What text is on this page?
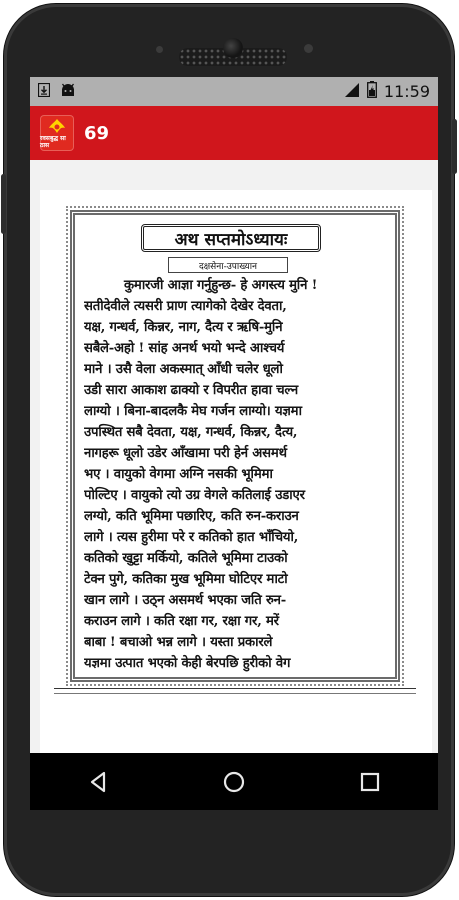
11:59
रवसबुद्ध सा ठास
69
अथ सप्तमोऽध्यायः
दक्षसेना-उपाख्यान
कुमारजी आज्ञा गर्नुहुन्छ- हे अगस्त्य मुनि !
सतीदेवीले त्यसरी प्राण त्यागेको देखेर देवता,
यक्ष, गन्धर्व, किन्नर, नाग, दैत्य र ऋषि-मुनि
सबैले-अहो ! सांह अनर्थ भयो भन्दे आश्चर्य
माने । उसै वेला अकस्मात् आँधी चलेर धूलो
उडी सारा आकाश ढाक्यो र विपरीत हावा चल्न
लाग्यो । बिना-बादलकै मेघ गर्जन लाग्यो। यज्ञमा
उपस्थित सबै देवता, यक्ष, गन्धर्व, किन्नर, दैत्य,
नागहरू धूलो उडेर आँखामा परी हेर्न असमर्थ
भए । वायुको वेगमा अग्नि नसकी भूमिमा
पोल्टिए । वायुको त्यो उग्र वेगले कतिलाई उडाएर
लग्यो, कति भूमिमा पछारिए, कति रुन-कराउन
लागे । त्यस हुरीमा परे र कतिको हात भाँचियो,
कतिको खुट्टा मर्कियो, कतिले भूमिमा टाउको
टेक्न पुगे, कतिका मुख भूमिमा घोटिएर माटो
खान लागे । उठ्न असमर्थ भएका जति रुन-
कराउन लागे । कति रक्षा गर, रक्षा गर, मरें
बाबा ! बचाओ भन्न लागे । यस्ता प्रकारले
यज्ञमा उत्पात भएको केही बेरपछि हुरीको वेग
